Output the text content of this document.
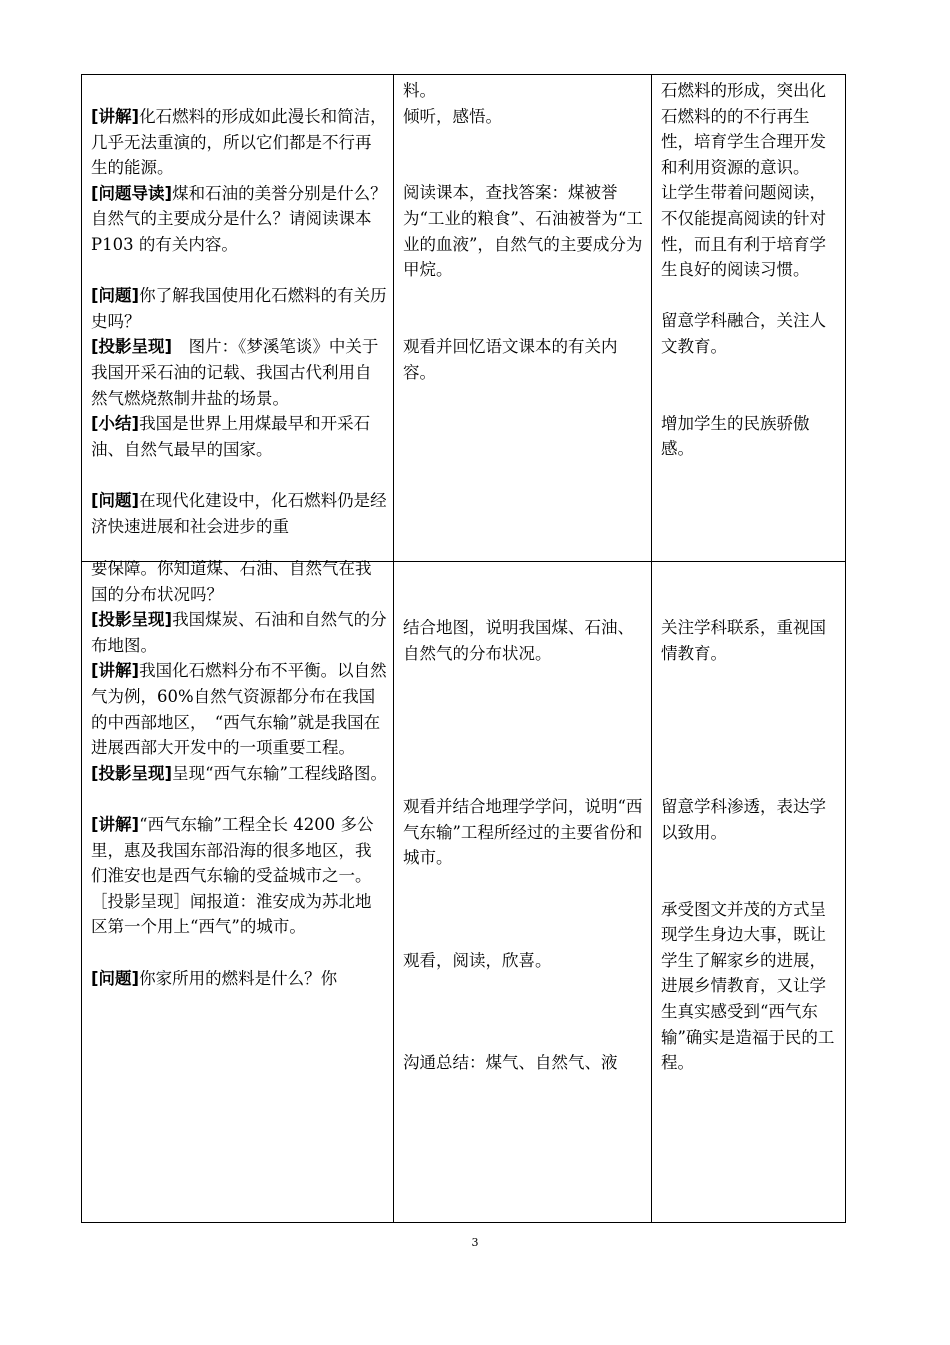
[讲解]化石燃料的形成如此漫长和简洁，几乎无法重演的，所以它们都是不行再生的能源。

[问题导读]煤和石油的美誉分别是什么？自然气的主要成分是什么？请阅读课本 P103 的有关内容。

[问题]你了解我国使用化石燃料的有关历史吗？

[投影呈现]　图片：《梦溪笔谈》中关于我国开采石油的记载、我国古代利用自然气燃烧熬制井盐的场景。

[小结]我国是世界上用煤最早和开采石油、自然气最早的国家。

[问题]在现代化建设中，化石燃料仍是经济快速进展和社会进步的重

料。

倾听，感悟。

阅读课本，查找答案：煤被誉为“工业的粮食”、石油被誉为“工业的血液”，自然气的主要成分为甲烷。

观看并回忆语文课本的有关内容。

石燃料的形成，突出化石燃料的的不行再生性，培育学生合理开发和利用资源的意识。

让学生带着问题阅读，不仅能提高阅读的针对性，而且有利于培育学生良好的阅读习惯。

留意学科融合，关注人文教育。

增加学生的民族骄傲感。

要保障。你知道煤、石油、自然气在我国的分布状况吗？

[投影呈现]我国煤炭、石油和自然气的分布地图。

[讲解]我国化石燃料分布不平衡。以自然气为例，60%自然气资源都分布在我国的中西部地区，　“西气东输”就是我国在进展西部大开发中的一项重要工程。

[投影呈现]呈现“西气东输”工程线路图。

[讲解]“西气东输”工程全长 4200 多公里，惠及我国东部沿海的很多地区，我们淮安也是西气东输的受益城市之一。

［投影呈现］闻报道：淮安成为苏北地区第一个用上“西气”的城市。

[问题]你家所用的燃料是什么？你

结合地图，说明我国煤、石油、自然气的分布状况。

观看并结合地理学学问，说明“西气东输”工程所经过的主要省份和城市。

观看，阅读，欣喜。

沟通总结：煤气、自然气、液

关注学科联系，重视国情教育。

留意学科渗透，表达学以致用。

承受图文并茂的方式呈现学生身边大事，既让学生了解家乡的进展，进展乡情教育，又让学生真实感受到“西气东输”确实是造福于民的工程。

3
